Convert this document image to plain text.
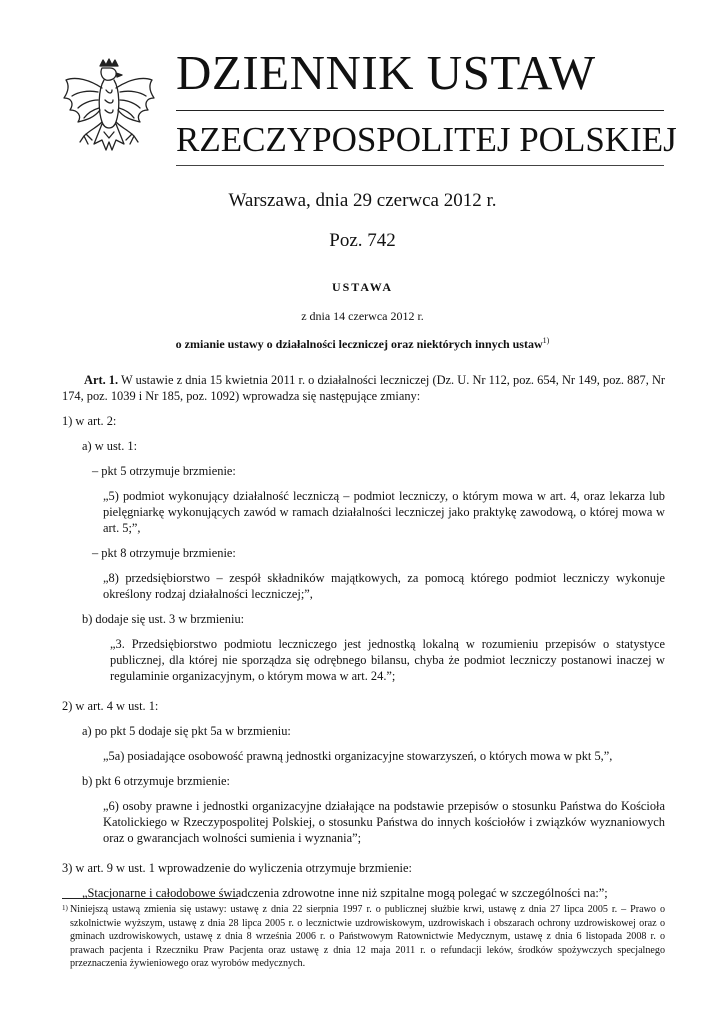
DZIENNIK USTAW
RZECZYPOSPOLITEJ POLSKIEJ
Warszawa, dnia 29 czerwca 2012 r.
Poz. 742
USTAWA
z dnia 14 czerwca 2012 r.
o zmianie ustawy o działalności leczniczej oraz niektórych innych ustaw$^{1)}$

Art. 1. W ustawie z dnia 15 kwietnia 2011 r. o działalności leczniczej (Dz. U. Nr 112, poz. 654, Nr 149, poz. 887, Nr 174, poz. 1039 i Nr 185, poz. 1092) wprowadza się następujące zmiany:

1) w art. 2:

a) w ust. 1:

– pkt 5 otrzymuje brzmienie:

„5) podmiot wykonujący działalność leczniczą – podmiot leczniczy, o którym mowa w art. 4, oraz lekarza lub pielęgniarkę wykonujących zawód w ramach działalności leczniczej jako praktykę zawodową, o której mowa w art. 5;”,

– pkt 8 otrzymuje brzmienie:

„8) przedsiębiorstwo – zespół składników majątkowych, za pomocą którego podmiot leczniczy wykonuje określony rodzaj działalności leczniczej;”,

b) dodaje się ust. 3 w brzmieniu:

„3. Przedsiębiorstwo podmiotu leczniczego jest jednostką lokalną w rozumieniu przepisów o statystyce publicznej, dla której nie sporządza się odrębnego bilansu, chyba że podmiot leczniczy postanowi inaczej w regulaminie organizacyjnym, o którym mowa w art. 24.”;

2) w art. 4 w ust. 1:

a) po pkt 5 dodaje się pkt 5a w brzmieniu:

„5a) posiadające osobowość prawną jednostki organizacyjne stowarzyszeń, o których mowa w pkt 5,”,

b) pkt 6 otrzymuje brzmienie:

„6) osoby prawne i jednostki organizacyjne działające na podstawie przepisów o stosunku Państwa do Kościoła Katolickiego w Rzeczypospolitej Polskiej, o stosunku Państwa do innych kościołów i związków wyznaniowych oraz o gwarancjach wolności sumienia i wyznania”;

3) w art. 9 w ust. 1 wprowadzenie do wyliczenia otrzymuje brzmienie:

„Stacjonarne i całodobowe świadczenia zdrowotne inne niż szpitalne mogą polegać w szczególności na:”;

1) Niniejszą ustawą zmienia się ustawy: ustawę z dnia 22 sierpnia 1997 r. o publicznej służbie krwi, ustawę z dnia 27 lipca 2005 r. – Prawo o szkolnictwie wyższym, ustawę z dnia 28 lipca 2005 r. o lecznictwie uzdrowiskowym, uzdrowiskach i obszarach ochrony uzdrowiskowej oraz o gminach uzdrowiskowych, ustawę z dnia 8 września 2006 r. o Państwowym Ratownictwie Medycznym, ustawę z dnia 6 listopada 2008 r. o prawach pacjenta i Rzeczniku Praw Pacjenta oraz ustawę z dnia 12 maja 2011 r. o refundacji leków, środków spożywczych specjalnego przeznaczenia żywieniowego oraz wyrobów medycznych.
